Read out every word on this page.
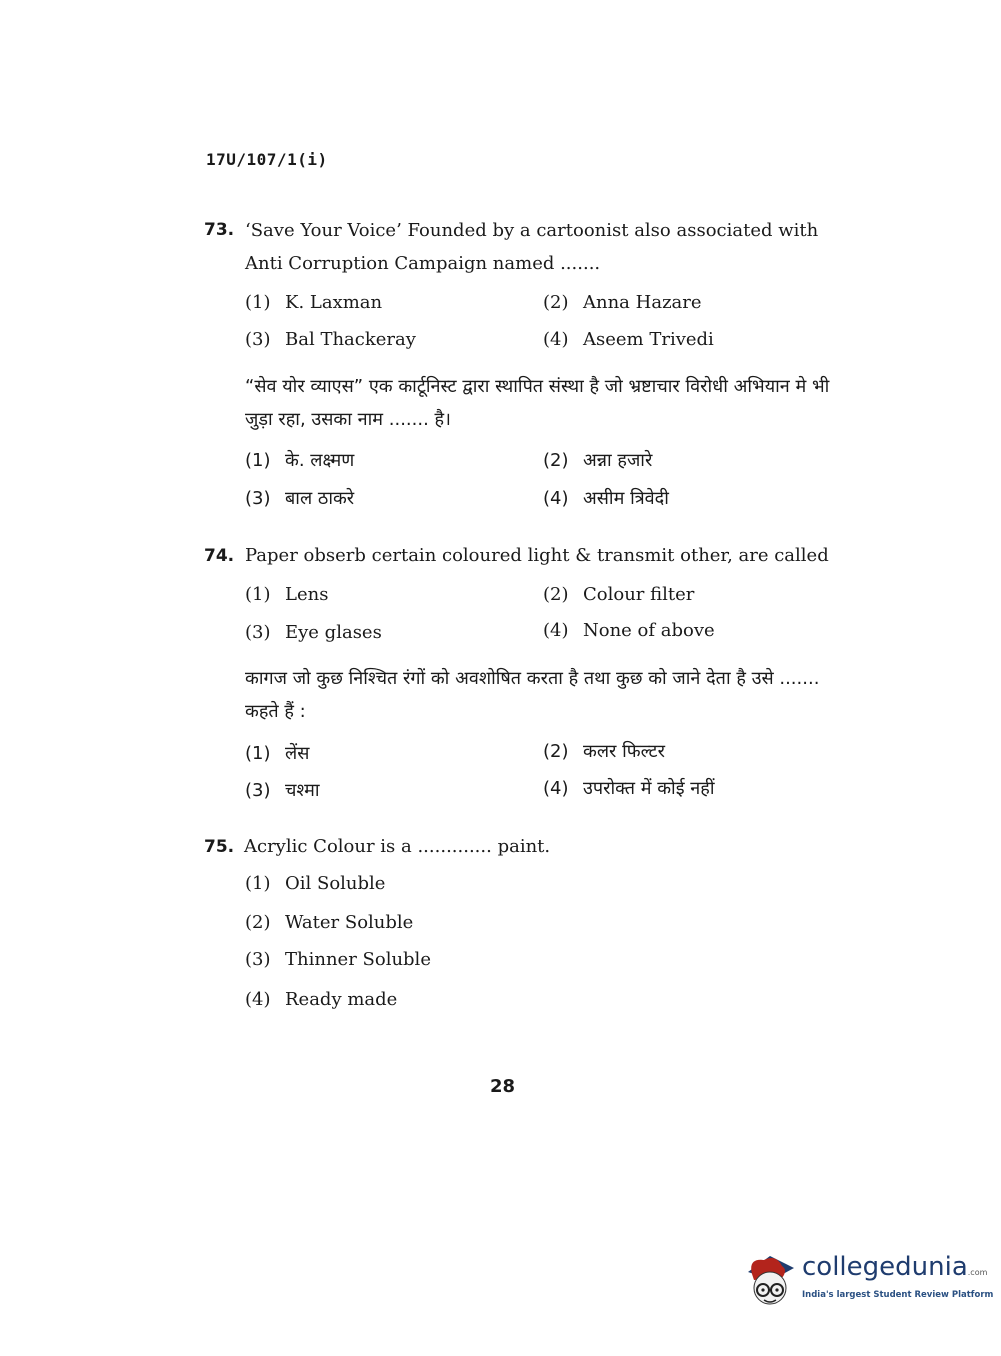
17U/107/1(i)
73. ‘Save Your Voice’ Founded by a cartoonist also associated with Anti Corruption Campaign named .......
(1) K. Laxman	(2) Anna Hazare
(3) Bal Thackeray	(4) Aseem Trivedi
“सेव योर व्याएस” एक कार्टूनिस्ट द्वारा स्थापित संस्था है जो भ्रष्टाचार विरोधी अभियान मे भी जुड़ा रहा, उसका नाम ....... है।
(1) के. लक्ष्मण	(2) अन्ना हजारे
(3) बाल ठाकरे	(4) असीम त्रिवेदी
74. Paper obserb certain coloured light & transmit other, are called
(1) Lens	(2) Colour filter
(3) Eye glases	(4) None of above
कागज जो कुछ निश्चित रंगों को अवशोषित करता है तथा कुछ को जाने देता है उसे ....... कहते हैं :
(1) लेंस	(2) कलर फिल्टर
(3) चश्मा	(4) उपरोक्त में कोई नहीं
75. Acrylic Colour is a ............. paint.
(1) Oil Soluble
(2) Water Soluble
(3) Thinner Soluble
(4) Ready made
28
collegedunia.com
India's largest Student Review Platform
